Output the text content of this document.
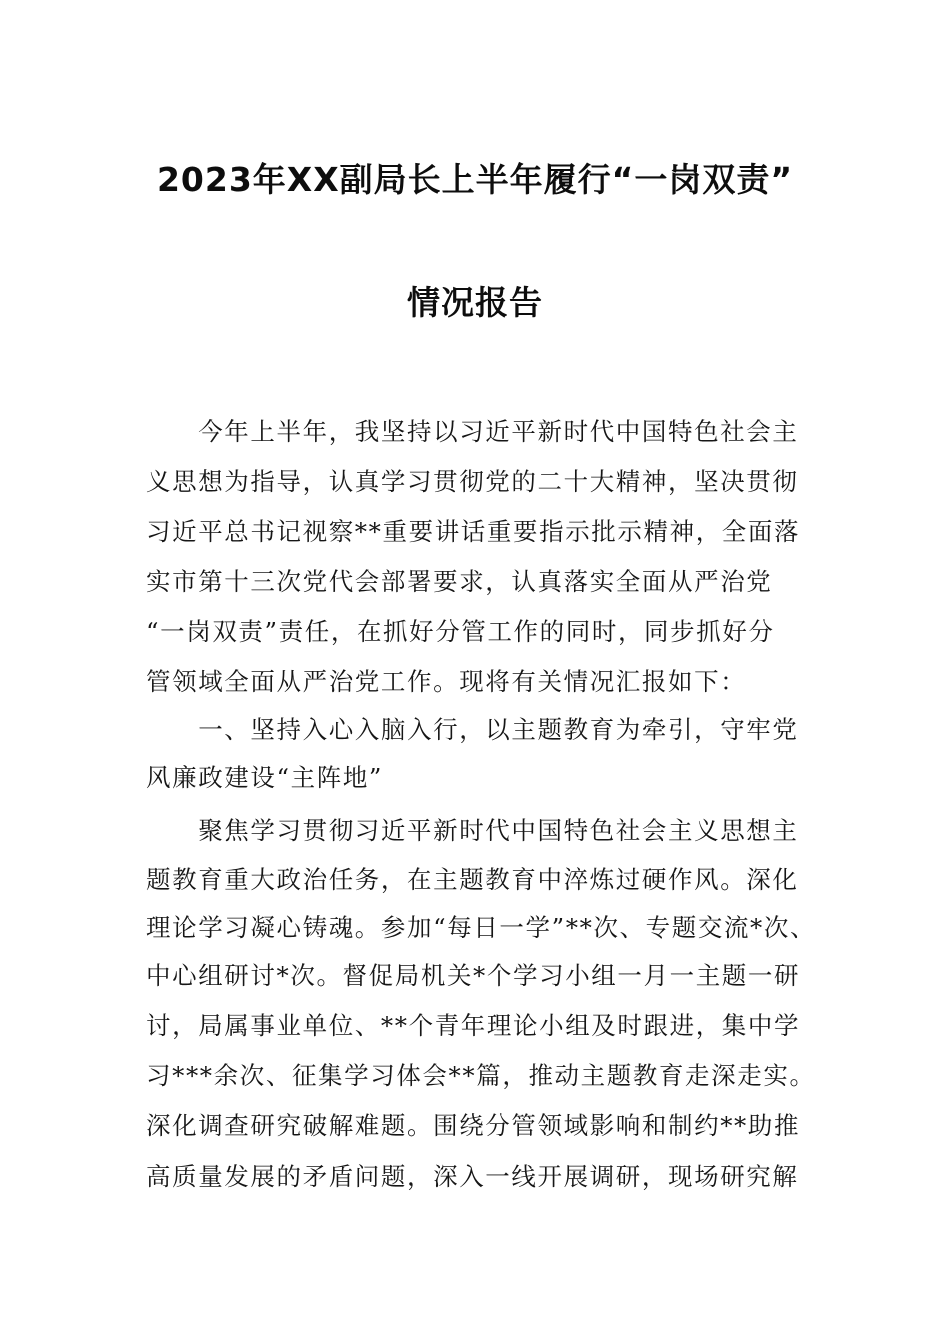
2023年XX副局长上半年履行“一岗双责”
情况报告
　　今年上半年，我坚持以习近平新时代中国特色社会主
义思想为指导，认真学习贯彻党的二十大精神，坚决贯彻
习近平总书记视察**重要讲话重要指示批示精神，全面落
实市第十三次党代会部署要求，认真落实全面从严治党
“一岗双责”责任，在抓好分管工作的同时，同步抓好分
管领域全面从严治党工作。现将有关情况汇报如下：
　　一、坚持入心入脑入行，以主题教育为牵引，守牢党
风廉政建设“主阵地”
　　聚焦学习贯彻习近平新时代中国特色社会主义思想主
题教育重大政治任务，在主题教育中淬炼过硬作风。深化
理论学习凝心铸魂。参加“每日一学”**次、专题交流*次、
中心组研讨*次。督促局机关*个学习小组一月一主题一研
讨，局属事业单位、**个青年理论小组及时跟进，集中学
习***余次、征集学习体会**篇，推动主题教育走深走实。
深化调查研究破解难题。围绕分管领域影响和制约**助推
高质量发展的矛盾问题，深入一线开展调研，现场研究解
